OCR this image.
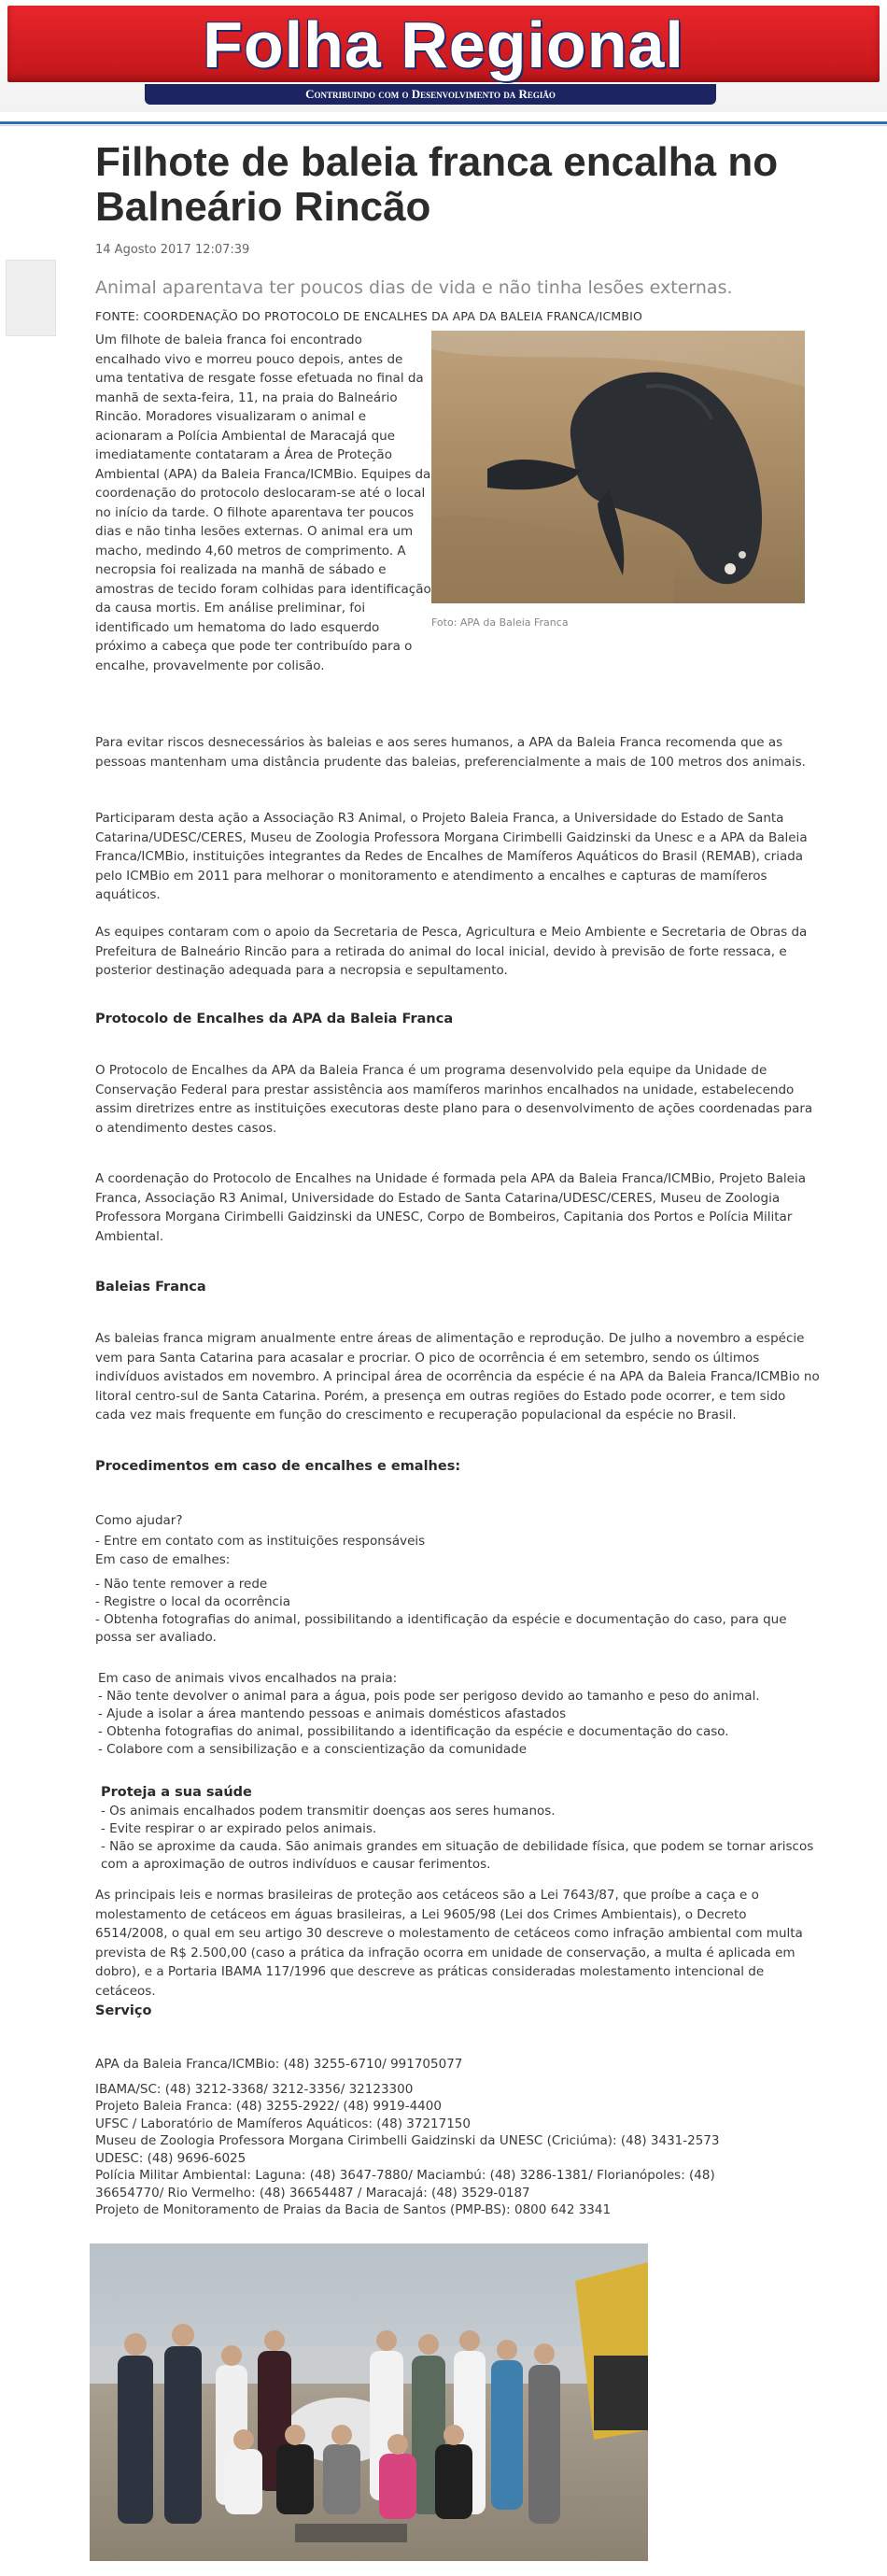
Folha Regional
Contribuindo com o Desenvolvimento da Região
Filhote de baleia franca encalha no Balneário Rincão
14 Agosto 2017 12:07:39
Animal aparentava ter poucos dias de vida e não tinha lesões externas.
FONTE: COORDENAÇÃO DO PROTOCOLO DE ENCALHES DA APA DA BALEIA FRANCA/ICMBIO
Um filhote de baleia franca foi encontrado encalhado vivo e morreu pouco depois, antes de uma tentativa de resgate fosse efetuada no final da manhã de sexta-feira, 11, na praia do Balneário Rincão. Moradores visualizaram o animal e acionaram a Polícia Ambiental de Maracajá que imediatamente contataram a Área de Proteção Ambiental (APA) da Baleia Franca/ICMBio. Equipes da coordenação do protocolo deslocaram-se até o local no início da tarde. O filhote aparentava ter poucos dias e não tinha lesões externas. O animal era um macho, medindo 4,60 metros de comprimento. A necropsia foi realizada na manhã de sábado e amostras de tecido foram colhidas para identificação da causa mortis. Em análise preliminar, foi identificado um hematoma do lado esquerdo próximo a cabeça que pode ter contribuído para o encalhe, provavelmente por colisão.
Foto: APA da Baleia Franca

Para evitar riscos desnecessários às baleias e aos seres humanos, a APA da Baleia Franca recomenda que as pessoas mantenham uma distância prudente das baleias, preferencialmente a mais de 100 metros dos animais.

Participaram desta ação a Associação R3 Animal, o Projeto Baleia Franca, a Universidade do Estado de Santa Catarina/UDESC/CERES, Museu de Zoologia Professora Morgana Cirimbelli Gaidzinski da Unesc e a APA da Baleia Franca/ICMBio, instituições integrantes da Redes de Encalhes de Mamíferos Aquáticos do Brasil (REMAB), criada pelo ICMBio em 2011 para melhorar o monitoramento e atendimento a encalhes e capturas de mamíferos aquáticos.

As equipes contaram com o apoio da Secretaria de Pesca, Agricultura e Meio Ambiente e Secretaria de Obras da Prefeitura de Balneário Rincão para a retirada do animal do local inicial, devido à previsão de forte ressaca, e posterior destinação adequada para a necropsia e sepultamento.

Protocolo de Encalhes da APA da Baleia Franca

O Protocolo de Encalhes da APA da Baleia Franca é um programa desenvolvido pela equipe da Unidade de Conservação Federal para prestar assistência aos mamíferos marinhos encalhados na unidade, estabelecendo assim diretrizes entre as instituições executoras deste plano para o desenvolvimento de ações coordenadas para o atendimento destes casos.

A coordenação do Protocolo de Encalhes na Unidade é formada pela APA da Baleia Franca/ICMBio, Projeto Baleia Franca, Associação R3 Animal, Universidade do Estado de Santa Catarina/UDESC/CERES, Museu de Zoologia Professora Morgana Cirimbelli Gaidzinski da UNESC, Corpo de Bombeiros, Capitania dos Portos e Polícia Militar Ambiental.

Baleias Franca

As baleias franca migram anualmente entre áreas de alimentação e reprodução. De julho a novembro a espécie vem para Santa Catarina para acasalar e procriar. O pico de ocorrência é em setembro, sendo os últimos indivíduos avistados em novembro. A principal área de ocorrência da espécie é na APA da Baleia Franca/ICMBio no litoral centro-sul de Santa Catarina. Porém, a presença em outras regiões do Estado pode ocorrer, e tem sido cada vez mais frequente em função do crescimento e recuperação populacional da espécie no Brasil.

Procedimentos em caso de encalhes e emalhes:
Como ajudar?
- Entre em contato com as instituições responsáveis
Em caso de emalhes:
- Não tente remover a rede
- Registre o local da ocorrência
- Obtenha fotografias do animal, possibilitando a identificação da espécie e documentação do caso, para que possa ser avaliado.
Em caso de animais vivos encalhados na praia:
- Não tente devolver o animal para a água, pois pode ser perigoso devido ao tamanho e peso do animal.
- Ajude a isolar a área mantendo pessoas e animais domésticos afastados
- Obtenha fotografias do animal, possibilitando a identificação da espécie e documentação do caso.
- Colabore com a sensibilização e a conscientização da comunidade
Proteja a sua saúde
- Os animais encalhados podem transmitir doenças aos seres humanos.
- Evite respirar o ar expirado pelos animais.
- Não se aproxime da cauda. São animais grandes em situação de debilidade física, que podem se tornar ariscos com a aproximação de outros indivíduos e causar ferimentos.

As principais leis e normas brasileiras de proteção aos cetáceos são a Lei 7643/87, que proíbe a caça e o molestamento de cetáceos em águas brasileiras, a Lei 9605/98 (Lei dos Crimes Ambientais), o Decreto 6514/2008, o qual em seu artigo 30 descreve o molestamento de cetáceos como infração ambiental com multa prevista de R$ 2.500,00 (caso a prática da infração ocorra em unidade de conservação, a multa é aplicada em dobro), e a Portaria IBAMA 117/1996 que descreve as práticas consideradas molestamento intencional de cetáceos.

Serviço
APA da Baleia Franca/ICMBio: (48) 3255-6710/ 991705077
IBAMA/SC: (48) 3212-3368/ 3212-3356/ 32123300
Projeto Baleia Franca: (48) 3255-2922/ (48) 9919-4400
UFSC / Laboratório de Mamíferos Aquáticos: (48) 37217150
Museu de Zoologia Professora Morgana Cirimbelli Gaidzinski da UNESC (Criciúma): (48) 3431-2573
UDESC: (48) 9696-6025
Polícia Militar Ambiental: Laguna: (48) 3647-7880/ Maciambú: (48) 3286-1381/ Florianópoles: (48) 36654770/ Rio Vermelho: (48) 36654487 / Maracajá: (48) 3529-0187
Projeto de Monitoramento de Praias da Bacia de Santos (PMP-BS): 0800 642 3341
